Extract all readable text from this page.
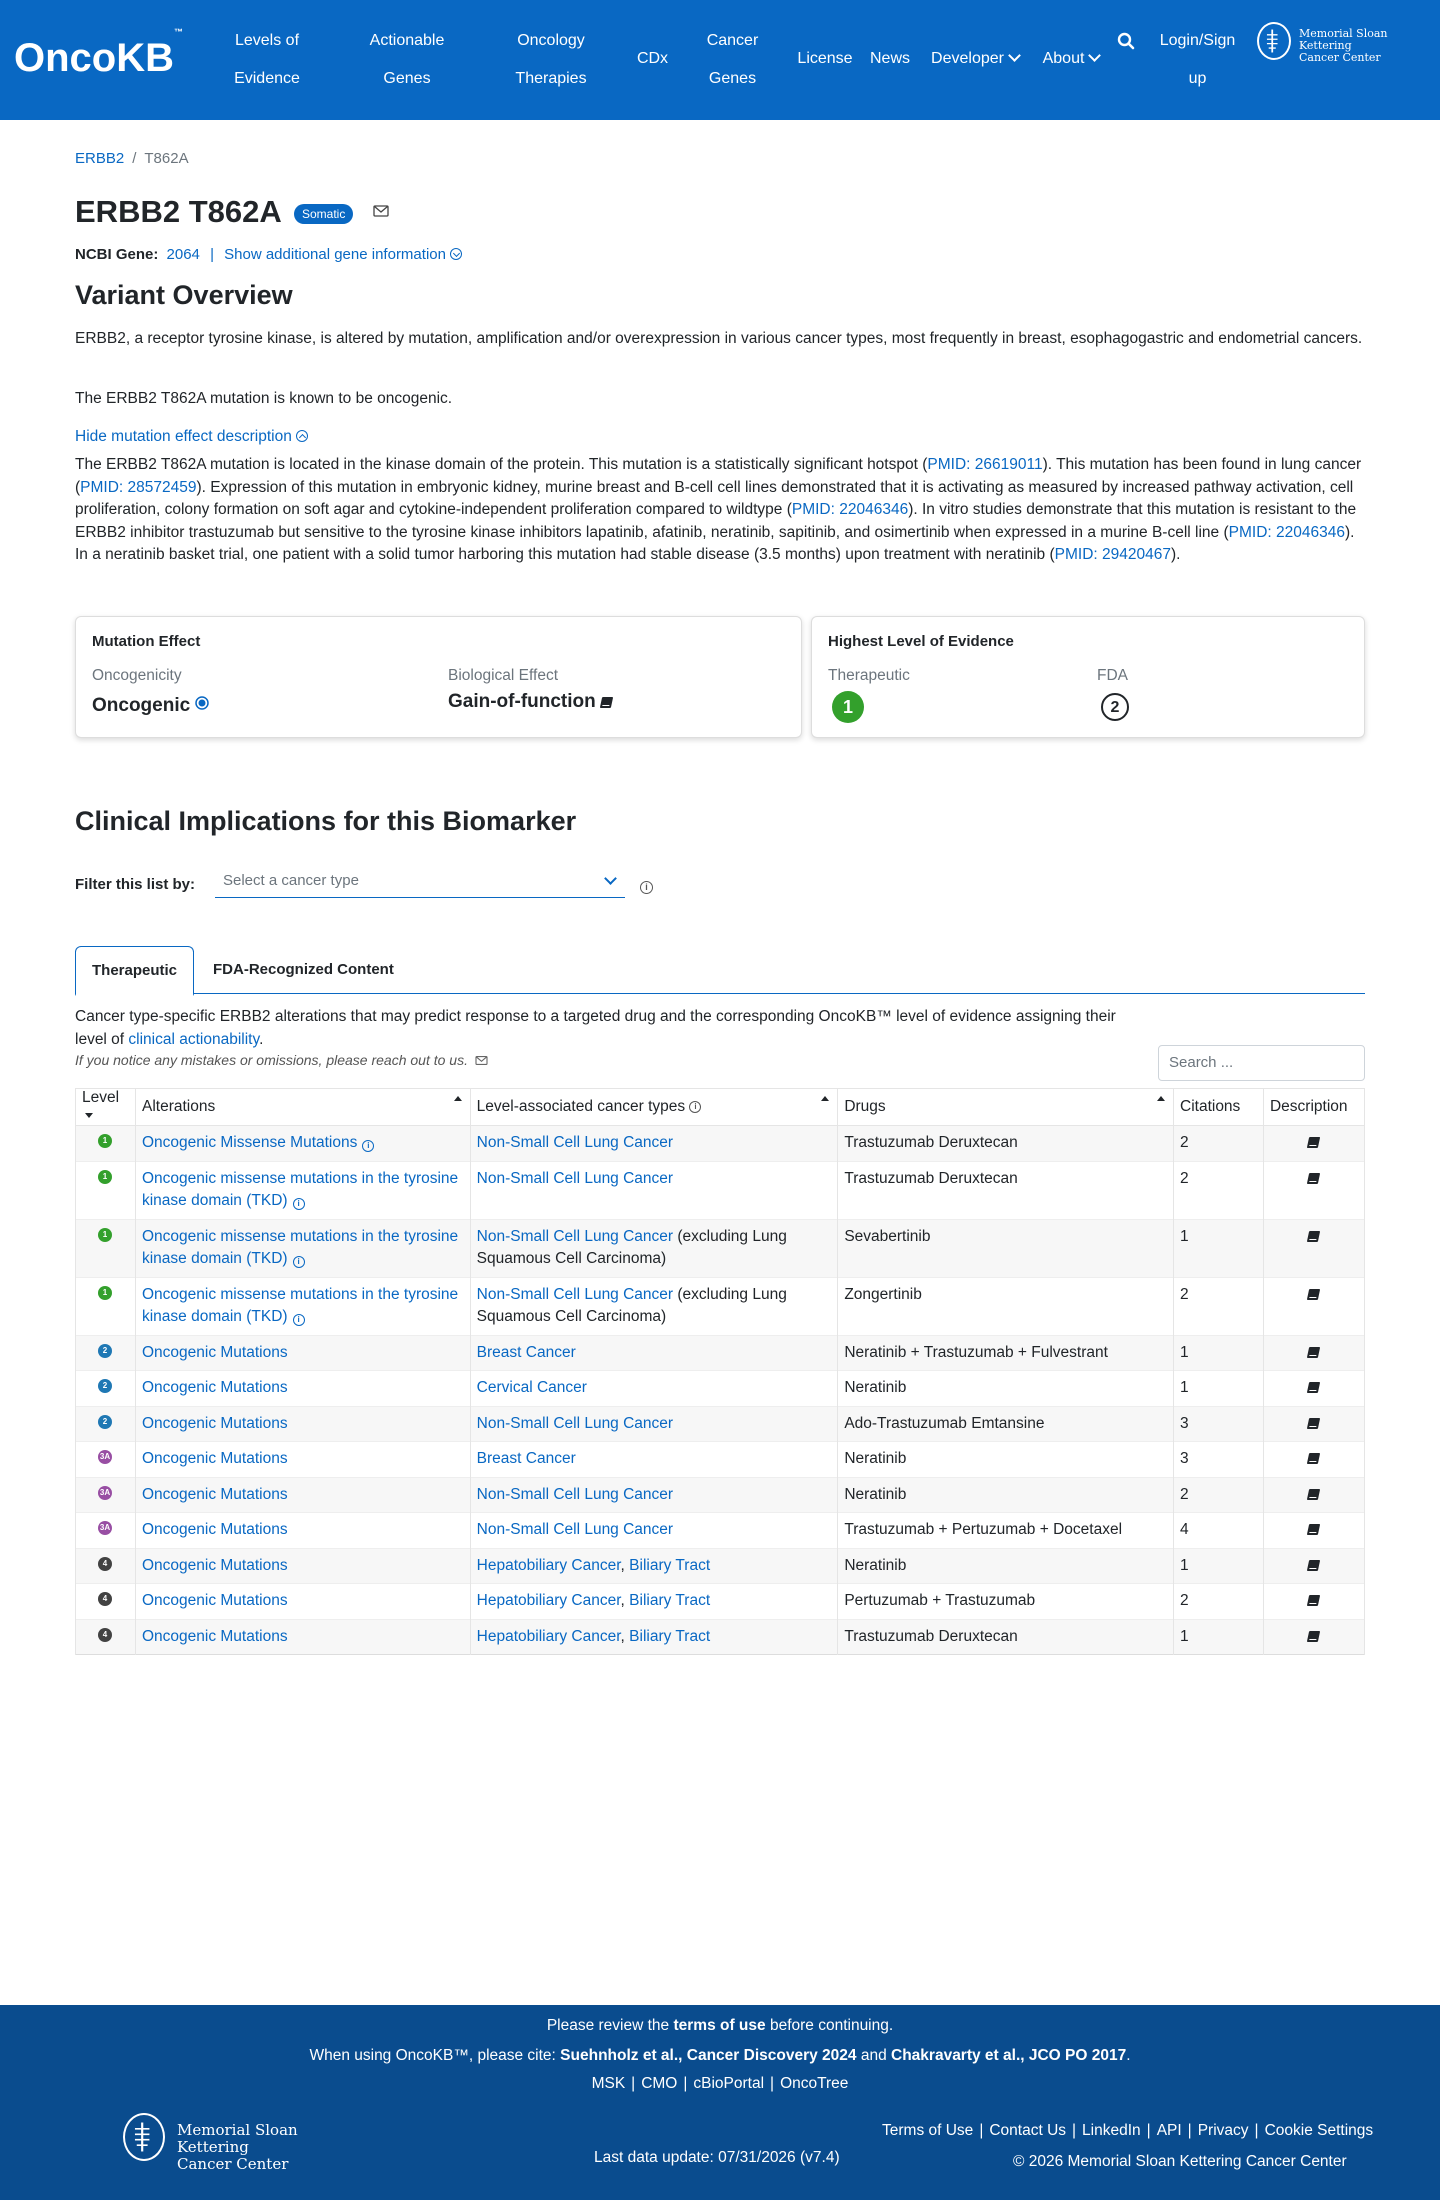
OncoKB™
Levels of
Evidence
Actionable
Genes
Oncology
Therapies
CDx
Cancer
Genes
License	News	Developer	About
Login/Sign
up
Memorial Sloan Kettering
Cancer Center
ERBB2 / T862A
ERBB2 T862A	Somatic
NCBI Gene: 2064 | Show additional gene information
Variant Overview
ERBB2, a receptor tyrosine kinase, is altered by mutation, amplification and/or overexpression in various cancer types, most frequently in breast, esophagogastric and endometrial cancers.
The ERBB2 T862A mutation is known to be oncogenic.
Hide mutation effect description
The ERBB2 T862A mutation is located in the kinase domain of the protein. This mutation is a statistically significant hotspot (PMID: 26619011). This mutation has been found in lung cancer (PMID: 28572459). Expression of this mutation in embryonic kidney, murine breast and B-cell cell lines demonstrated that it is activating as measured by increased pathway activation, cell proliferation, colony formation on soft agar and cytokine-independent proliferation compared to wildtype (PMID: 22046346). In vitro studies demonstrate that this mutation is resistant to the ERBB2 inhibitor trastuzumab but sensitive to the tyrosine kinase inhibitors lapatinib, afatinib, neratinib, sapitinib, and osimertinib when expressed in a murine B-cell line (PMID: 22046346). In a neratinib basket trial, one patient with a solid tumor harboring this mutation had stable disease (3.5 months) upon treatment with neratinib (PMID: 29420467).
Mutation Effect
Oncogenicity
Oncogenic
Biological Effect
Gain-of-function
Highest Level of Evidence
Therapeutic
1
FDA
2
Clinical Implications for this Biomarker
Filter this list by: Select a cancer type	i
Therapeutic	FDA-Recognized Content
Cancer type-specific ERBB2 alterations that may predict response to a targeted drug and the corresponding OncoKB™ level of evidence assigning their level of clinical actionability.
If you notice any mistakes or omissions, please reach out to us.	Search ...
Level	Alterations	Level-associated cancer types i	Drugs	Citations	Description
1	Oncogenic Missense Mutations i	Non-Small Cell Lung Cancer	Trastuzumab Deruxtecan	2	
1	Oncogenic missense mutations in the tyrosine kinase domain (TKD) i	Non-Small Cell Lung Cancer	Trastuzumab Deruxtecan	2	
1	Oncogenic missense mutations in the tyrosine kinase domain (TKD) i	Non-Small Cell Lung Cancer (excluding Lung Squamous Cell Carcinoma)	Sevabertinib	1	
1	Oncogenic missense mutations in the tyrosine kinase domain (TKD) i	Non-Small Cell Lung Cancer (excluding Lung Squamous Cell Carcinoma)	Zongertinib	2	
2	Oncogenic Mutations	Breast Cancer	Neratinib + Trastuzumab + Fulvestrant	1	
2	Oncogenic Mutations	Cervical Cancer	Neratinib	1	
2	Oncogenic Mutations	Non-Small Cell Lung Cancer	Ado-Trastuzumab Emtansine	3	
3A	Oncogenic Mutations	Breast Cancer	Neratinib	3	
3A	Oncogenic Mutations	Non-Small Cell Lung Cancer	Neratinib	2	
3A	Oncogenic Mutations	Non-Small Cell Lung Cancer	Trastuzumab + Pertuzumab + Docetaxel	4	
4	Oncogenic Mutations	Hepatobiliary Cancer, Biliary Tract	Neratinib	1	
4	Oncogenic Mutations	Hepatobiliary Cancer, Biliary Tract	Pertuzumab + Trastuzumab	2	
4	Oncogenic Mutations	Hepatobiliary Cancer, Biliary Tract	Trastuzumab Deruxtecan	1	
Please review the terms of use before continuing.
When using OncoKB™, please cite: Suehnholz et al., Cancer Discovery 2024 and Chakravarty et al., JCO PO 2017.
MSK | CMO | cBioPortal | OncoTree
Memorial Sloan Kettering
Cancer Center	Last data update: 07/31/2026 (v7.4)
Terms of Use | Contact Us | LinkedIn | API | Privacy | Cookie Settings
© 2026 Memorial Sloan Kettering Cancer Center
